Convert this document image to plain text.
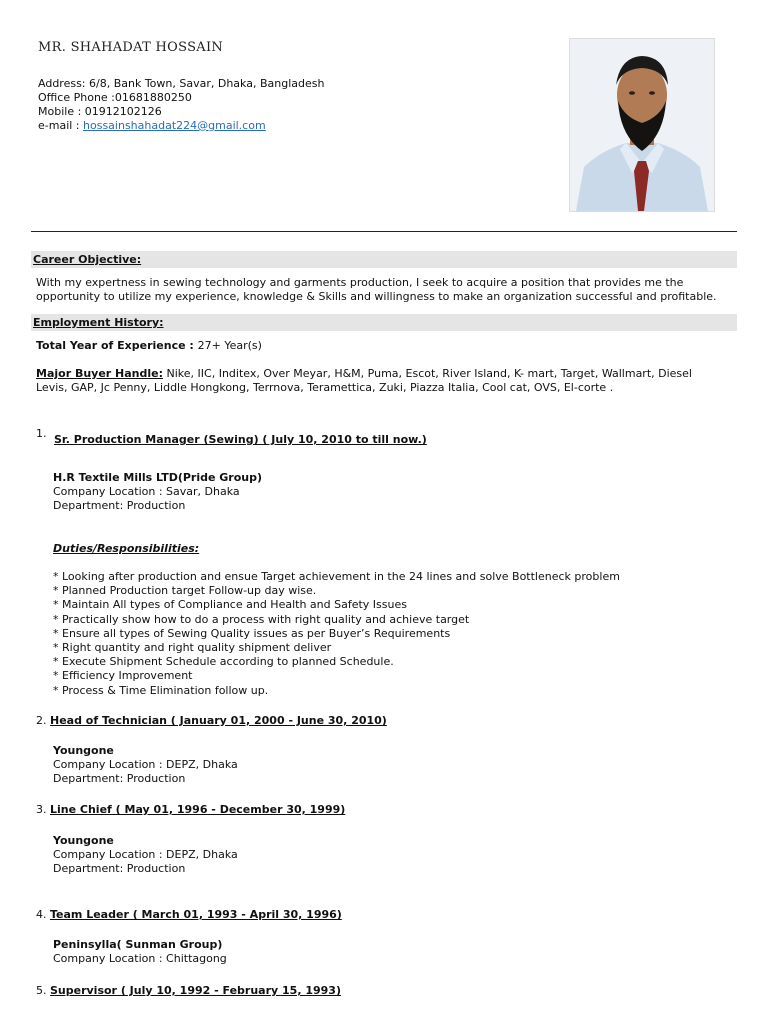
MR. SHAHADAT HOSSAIN
Address: 6/8, Bank Town, Savar, Dhaka, Bangladesh
Office Phone :01681880250
Mobile : 01912102126
e-mail : hossainshahadat224@gmail.com
Career Objective:
With my expertness in sewing technology and garments production, I seek to acquire a position that provides me the opportunity to utilize my experience, knowledge & Skills and willingness to make an organization successful and profitable.
Employment History:
Total Year of Experience : 27+ Year(s)
Major Buyer Handle: Nike, IIC, Inditex, Over Meyar, H&M, Puma, Escot, River Island, K- mart, Target, Wallmart, Diesel
Levis, GAP, Jc Penny, Liddle Hongkong, Terrnova, Teramettica, Zuki, Piazza Italia, Cool cat, OVS, El-corte .
1. Sr. Production Manager (Sewing) ( July 10, 2010 to till now.)
H.R Textile Mills LTD(Pride Group)
Company Location : Savar, Dhaka
Department: Production
Duties/Responsibilities:
* Looking after production and ensue Target achievement in the 24 lines and solve Bottleneck problem
* Planned Production target Follow-up day wise.
* Maintain All types of Compliance and Health and Safety Issues
* Practically show how to do a process with right quality and achieve target
* Ensure all types of Sewing Quality issues as per Buyer’s Requirements
* Right quantity and right quality shipment deliver
* Execute Shipment Schedule according to planned Schedule.
* Efficiency Improvement
* Process & Time Elimination follow up.
2. Head of Technician ( January 01, 2000 - June 30, 2010)
Youngone
Company Location : DEPZ, Dhaka
Department: Production
3. Line Chief ( May 01, 1996 - December 30, 1999)
Youngone
Company Location : DEPZ, Dhaka
Department: Production
4. Team Leader ( March 01, 1993 - April 30, 1996)
Peninsylla( Sunman Group)
Company Location : Chittagong
5. Supervisor ( July 10, 1992 - February 15, 1993)
